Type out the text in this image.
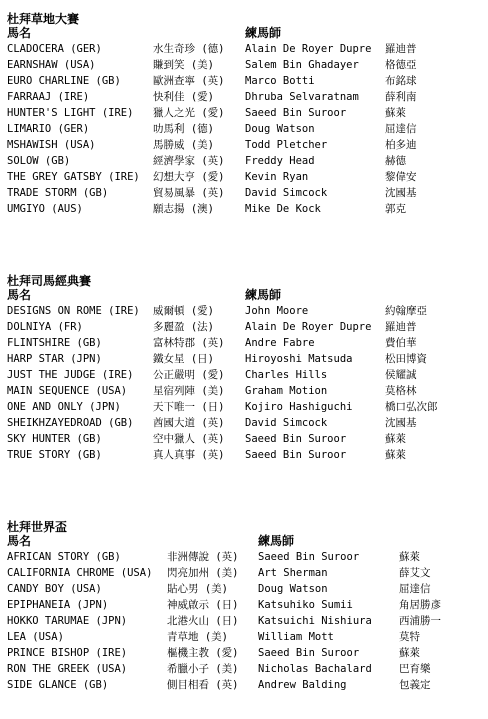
杜拜草地大賽
馬名	練馬師
CLADOCERA (GER)	水生奇珍 (德)	Alain De Royer Dupre	羅迪普
EARNSHAW (USA)	賺到笑 (美)	Salem Bin Ghadayer	格德亞
EURO CHARLINE (GB)	歐洲查寧 (英)	Marco Botti	布銘球
FARRAAJ (IRE)	快利佳 (愛)	Dhruba Selvaratnam	薛利南
HUNTER'S LIGHT (IRE)	獵人之光 (愛)	Saeed Bin Suroor	蘇萊
LIMARIO (GER)	叻馬利 (德)	Doug Watson	屈達信
MSHAWISH (USA)	馬勝威 (美)	Todd Pletcher	柏多迪
SOLOW (GB)	經濟學家 (英)	Freddy Head	赫德
THE GREY GATSBY (IRE)	幻想大亨 (愛)	Kevin Ryan	黎偉安
TRADE STORM (GB)	貿易風暴 (英)	David Simcock	沈國基
UMGIYO (AUS)	願志揚 (澳)	Mike De Kock	郭克
杜拜司馬經典賽
馬名	練馬師
DESIGNS ON ROME (IRE)	威爾頓 (愛)	John Moore	約翰摩亞
DOLNIYA (FR)	多麗盈 (法)	Alain De Royer Dupre	羅迪普
FLINTSHIRE (GB)	富林特郡 (英)	Andre Fabre	費伯華
HARP STAR (JPN)	鐵女星 (日)	Hiroyoshi Matsuda	松田博資
JUST THE JUDGE (IRE)	公正嚴明 (愛)	Charles Hills	侯耀誠
MAIN SEQUENCE (USA)	星宿列陣 (美)	Graham Motion	莫格林
ONE AND ONLY (JPN)	天下唯一 (日)	Kojiro Hashiguchi	橋口弘次郎
SHEIKHZAYEDROAD (GB)	酋國大道 (英)	David Simcock	沈國基
SKY HUNTER (GB)	空中獵人 (英)	Saeed Bin Suroor	蘇萊
TRUE STORY (GB)	真人真事 (英)	Saeed Bin Suroor	蘇萊
杜拜世界盃
馬名	練馬師
AFRICAN STORY (GB)	非洲傳說 (英)	Saeed Bin Suroor	蘇萊
CALIFORNIA CHROME (USA)	閃亮加州 (美)	Art Sherman	薛艾文
CANDY BOY (USA)	貼心男 (美)	Doug Watson	屈達信
EPIPHANEIA (JPN)	神威啟示 (日)	Katsuhiko Sumii	角居勝彥
HOKKO TARUMAE (JPN)	北港火山 (日)	Katsuichi Nishiura	西浦勝一
LEA (USA)	青草地 (美)	William Mott	莫特
PRINCE BISHOP (IRE)	樞機主教 (愛)	Saeed Bin Suroor	蘇萊
RON THE GREEK (USA)	希臘小子 (美)	Nicholas Bachalard	巴育樂
SIDE GLANCE (GB)	側目相看 (英)	Andrew Balding	包義定
